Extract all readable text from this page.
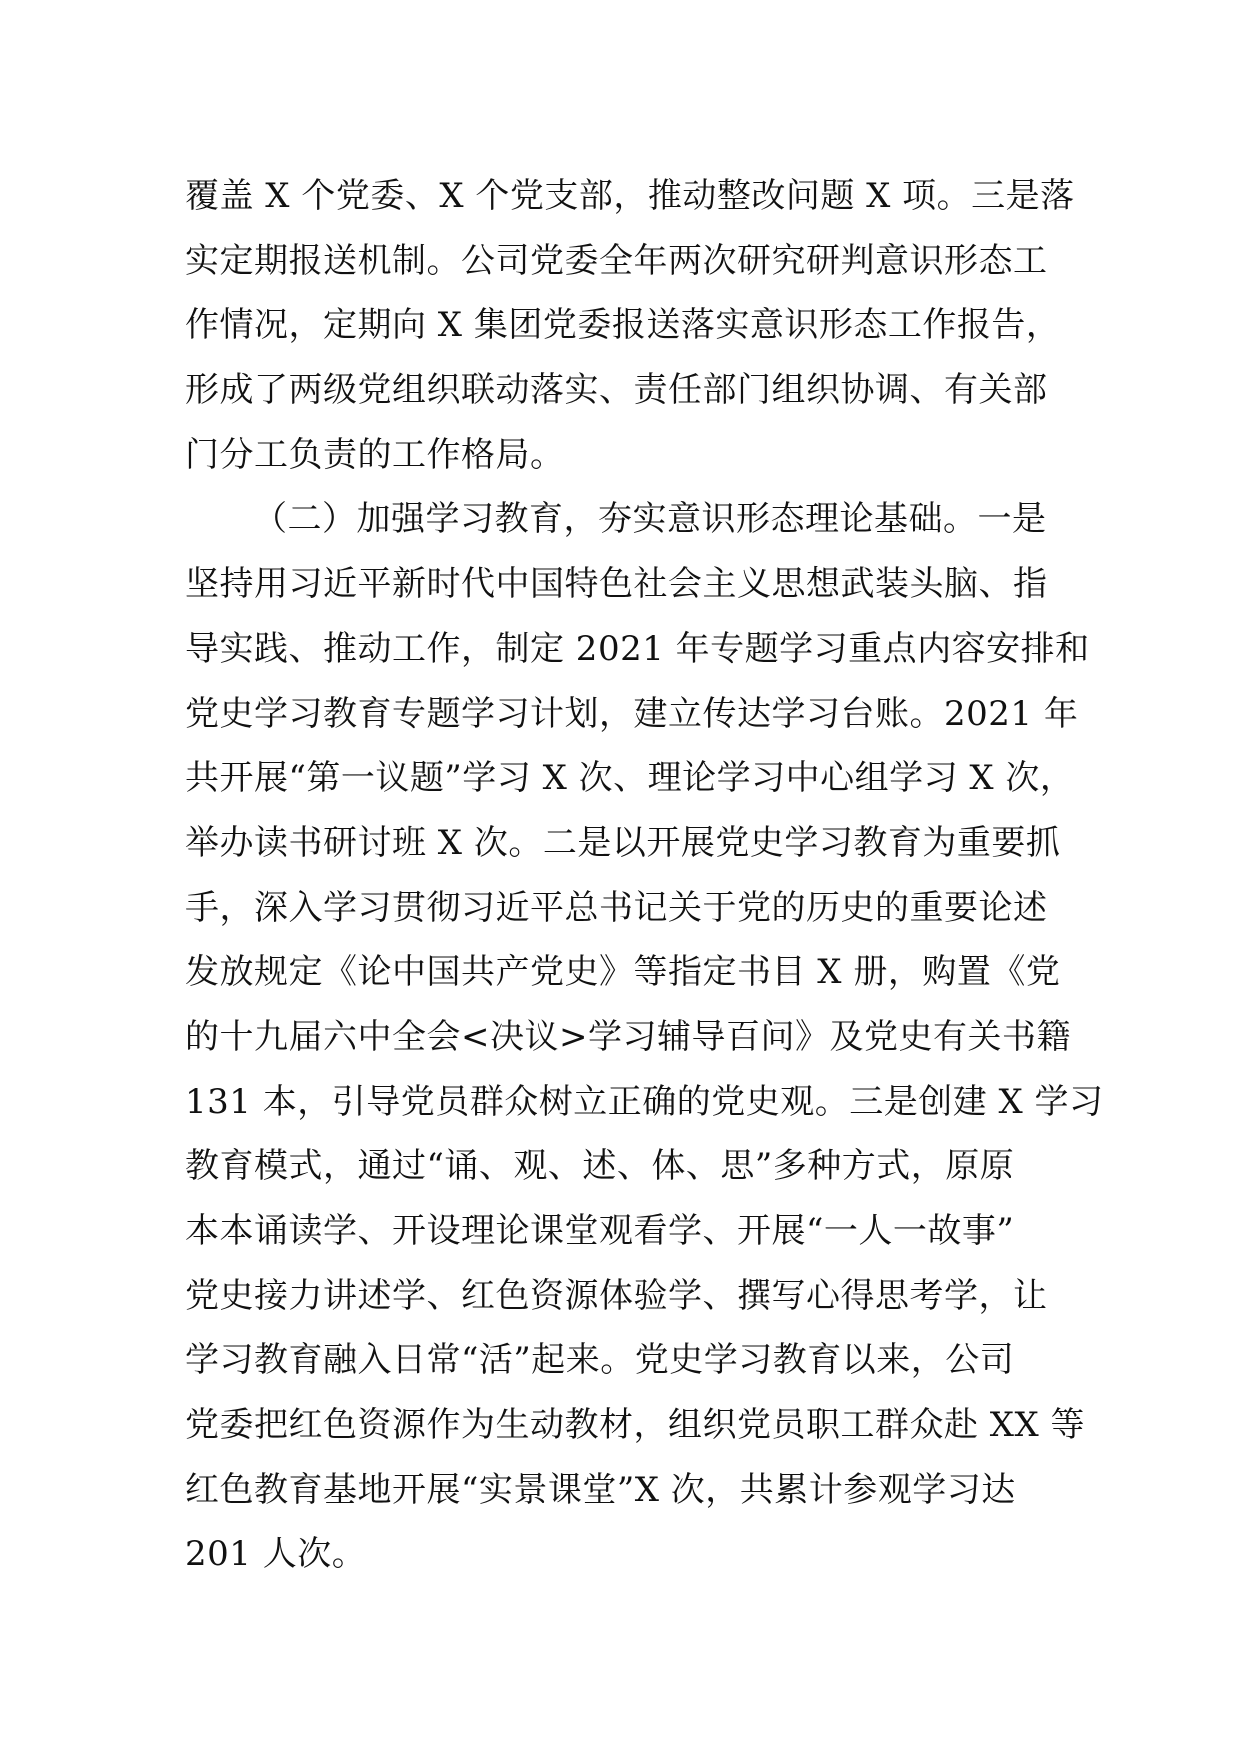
覆盖 X 个党委、X 个党支部，推动整改问题 X 项。三是落
实定期报送机制。公司党委全年两次研究研判意识形态工
作情况，定期向 X 集团党委报送落实意识形态工作报告，
形成了两级党组织联动落实、责任部门组织协调、有关部
门分工负责的工作格局。
（二）加强学习教育，夯实意识形态理论基础。一是
坚持用习近平新时代中国特色社会主义思想武装头脑、指
导实践、推动工作，制定 2021 年专题学习重点内容安排和
党史学习教育专题学习计划，建立传达学习台账。2021 年
共开展“第一议题”学习 X 次、理论学习中心组学习 X 次，
举办读书研讨班 X 次。二是以开展党史学习教育为重要抓
手，深入学习贯彻习近平总书记关于党的历史的重要论述
发放规定《论中国共产党史》等指定书目 X 册，购置《党
的十九届六中全会<决议>学习辅导百问》及党史有关书籍
131 本，引导党员群众树立正确的党史观。三是创建 X 学习
教育模式，通过“诵、观、述、体、思”多种方式，原原
本本诵读学、开设理论课堂观看学、开展“一人一故事”
党史接力讲述学、红色资源体验学、撰写心得思考学，让
学习教育融入日常“活”起来。党史学习教育以来，公司
党委把红色资源作为生动教材，组织党员职工群众赴 XX 等
红色教育基地开展“实景课堂”X 次，共累计参观学习达
201 人次。
